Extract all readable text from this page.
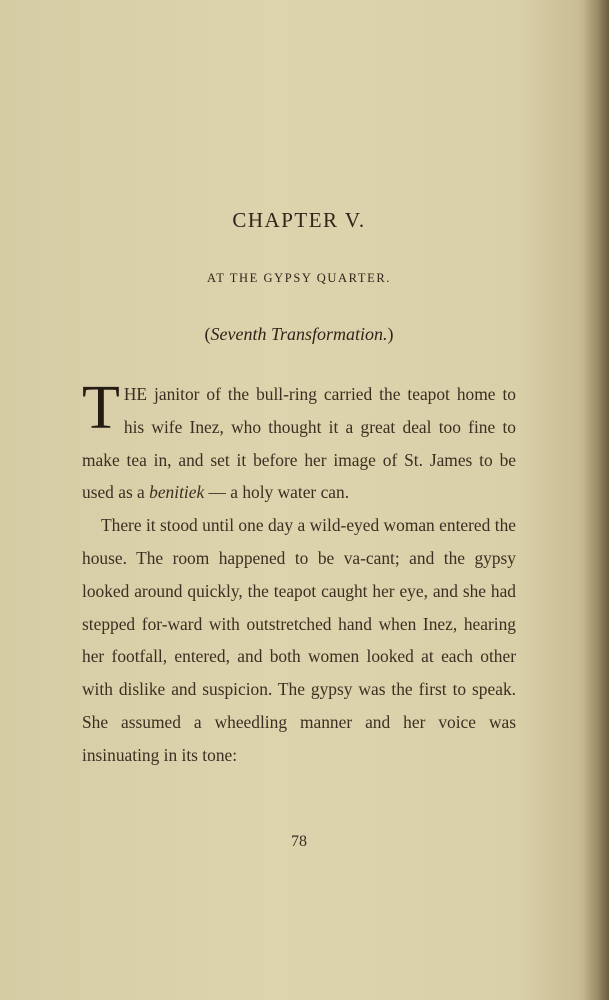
CHAPTER V.
AT THE GYPSY QUARTER.
(Seventh Transformation.)

THE janitor of the bull-ring carried the teapot home to his wife Inez, who thought it a great deal too fine to make tea in, and set it before her image of St. James to be used as a benitiek — a holy water can.

There it stood until one day a wild-eyed woman entered the house. The room happened to be va-cant; and the gypsy looked around quickly, the teapot caught her eye, and she had stepped for-ward with outstretched hand when Inez, hearing her footfall, entered, and both women looked at each other with dislike and suspicion. The gypsy was the first to speak. She assumed a wheedling manner and her voice was insinuating in its tone:

78
